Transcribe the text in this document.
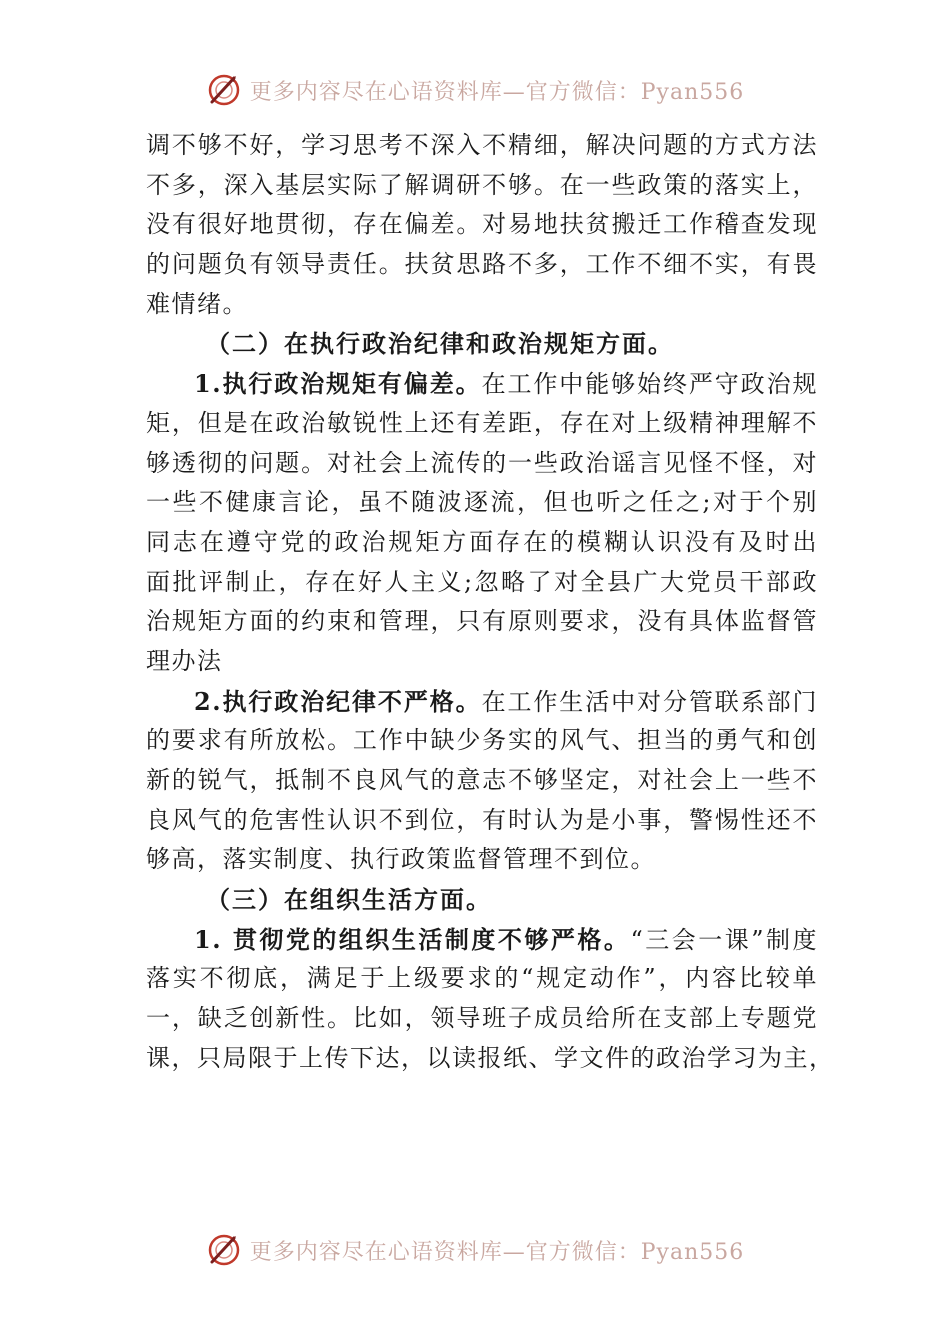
更多内容尽在心语资料库—官方微信：Pyan556
调不够不好，学习思考不深入不精细，解决问题的方式方法
不多，深入基层实际了解调研不够。在一些政策的落实上，
没有很好地贯彻，存在偏差。对易地扶贫搬迁工作稽查发现
的问题负有领导责任。扶贫思路不多，工作不细不实，有畏
难情绪。
（二）在执行政治纪律和政治规矩方面。
1.执行政治规矩有偏差。在工作中能够始终严守政治规
矩，但是在政治敏锐性上还有差距，存在对上级精神理解不
够透彻的问题。对社会上流传的一些政治谣言见怪不怪，对
一些不健康言论，虽不随波逐流，但也听之任之;对于个别
同志在遵守党的政治规矩方面存在的模糊认识没有及时出
面批评制止，存在好人主义;忽略了对全县广大党员干部政
治规矩方面的约束和管理，只有原则要求，没有具体监督管
理办法
2.执行政治纪律不严格。在工作生活中对分管联系部门
的要求有所放松。工作中缺少务实的风气、担当的勇气和创
新的锐气，抵制不良风气的意志不够坚定，对社会上一些不
良风气的危害性认识不到位，有时认为是小事，警惕性还不
够高，落实制度、执行政策监督管理不到位。
（三）在组织生活方面。
1. 贯彻党的组织生活制度不够严格。“三会一课”制度
落实不彻底，满足于上级要求的“规定动作”，内容比较单
一，缺乏创新性。比如，领导班子成员给所在支部上专题党
课，只局限于上传下达，以读报纸、学文件的政治学习为主，
更多内容尽在心语资料库—官方微信：Pyan556
